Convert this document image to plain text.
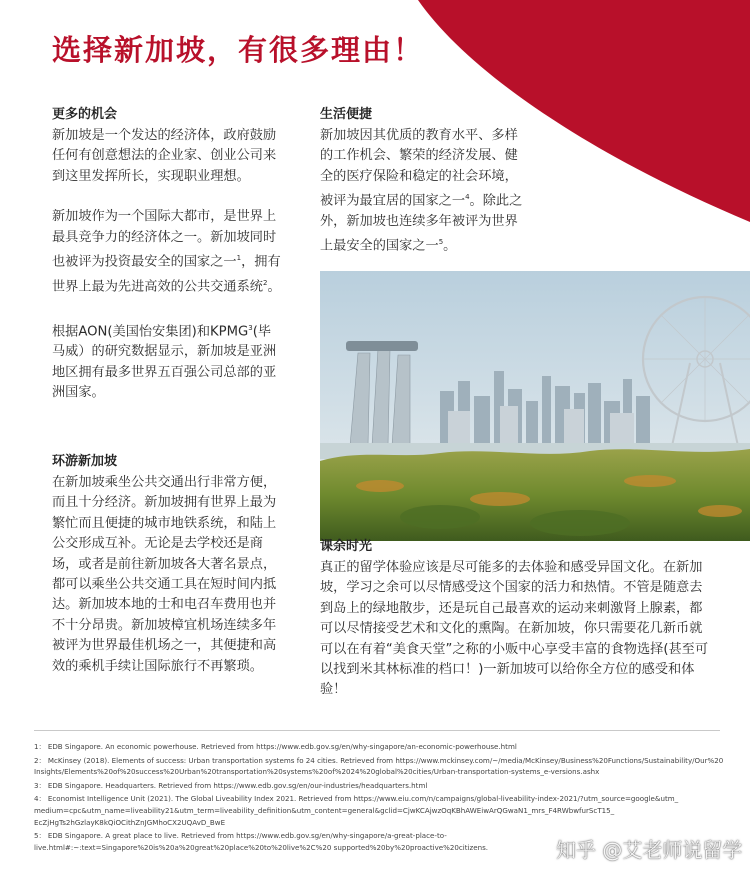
选择新加坡，有很多理由！
更多的机会

新加坡是一个发达的经济体，政府鼓励任何有创意想法的企业家、创业公司来到这里发挥所长，实现职业理想。

新加坡作为一个国际大都市，是世界上最具竞争力的经济体之一。新加坡同时也被评为投资最安全的国家之一$^1$，拥有世界上最为先进高效的公共交通系统$^2$。

根据AON(美国怡安集团)和KPMG$^3$(毕马威）的研究数据显示，新加坡是亚洲地区拥有最多世界五百强公司总部的亚洲国家。

生活便捷

新加坡因其优质的教育水平、多样的工作机会、繁荣的经济发展、健全的医疗保险和稳定的社会环境，被评为最宜居的国家之一$^4$。除此之外，新加坡也连续多年被评为世界上最安全的国家之一$^5$。

环游新加坡

在新加坡乘坐公共交通出行非常方便，而且十分经济。新加坡拥有世界上最为繁忙而且便捷的城市地铁系统，和陆上公交形成互补。无论是去学校还是商场，或者是前往新加坡各大著名景点，都可以乘坐公共交通工具在短时间内抵达。新加坡本地的士和电召车费用也并不十分昂贵。新加坡樟宜机场连续多年被评为世界最佳机场之一，其便捷和高效的乘机手续让国际旅行不再繁琐。

课余时光

真正的留学体验应该是尽可能多的去体验和感受异国文化。在新加坡，学习之余可以尽情感受这个国家的活力和热情。不管是随意去到岛上的绿地散步，还是玩自己最喜欢的运动来刺激肾上腺素，都可以尽情接受艺术和文化的熏陶。在新加坡，你只需要花几新币就可以在有着“美食天堂”之称的小贩中心享受丰富的食物选择(甚至可以找到米其林标准的档口！)一新加坡可以给你全方位的感受和体验！

1： EDB Singapore. An economic powerhouse. Retrieved from https://www.edb.gov.sg/en/why-singapore/an-economic-powerhouse.html

2： McKinsey (2018). Elements of success: Urban transportation systems fo 24 cities. Retrieved from https://www.mckinsey.com/~/media/McKinsey/Business%20Functions/Sustainability/Our%20 Insights/Elements%20of%20success%20Urban%20transportation%20systems%20of%2024%20global%20cities/Urban-transportation-systems_e-versions.ashx

3： EDB Singapore. Headquarters. Retrieved from https://www.edb.gov.sg/en/our-industries/headquarters.html

4： Economist Intelligence Unit (2021). The Global Liveability Index 2021. Retrieved from https://www.eiu.com/n/campaigns/global-liveability-index-2021/?utm_source=google&utm_ medium=cpc&utm_name=liveability21&utm_term=liveability_definition&utm_content=general&gclid=CjwKCAjwzOqKBhAWEiwArQGwaN1_mrs_F4RWbwfurScT15_ EcZjHgTs2hGzlayK8kQiOCithZnJGMhoCX2UQAvD_BwE

5： EDB Singapore. A great place to live. Retrieved from https://www.edb.gov.sg/en/why-singapore/a-great-place-to-live.html#:~:text=Singapore%20is%20a%20great%20place%20to%20live%2C%20 supported%20by%20proactive%20citizens.	知乎 @艾老师说留学
